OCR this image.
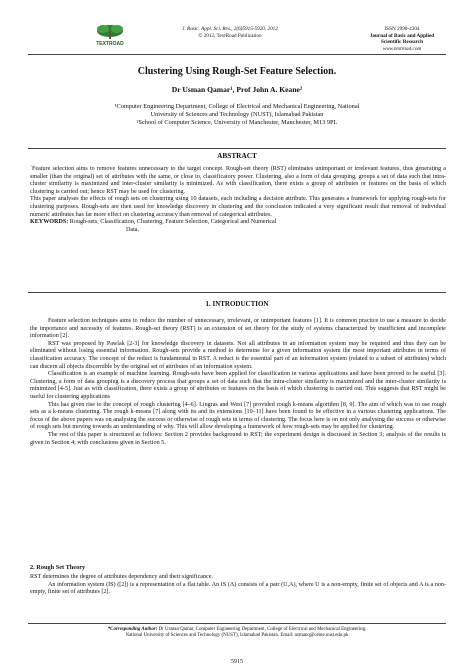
TEXTROAD
J. Basic. Appl. Sci. Res., 2(6)5915-5920, 2012
© 2012, TextRoad Publication
ISSN 2090-4304
Journal of Basic and Applied
Scientific Research
www.textroad.com
Clustering Using Rough-Set Feature Selection.
Dr Usman Qamar¹, Prof John A. Keane²
¹Computer Engineering Department, College of Electrical and Mechanical Engineering, National
University of Sciences and Technology (NUST), Islamabad Pakistan
²School of Computer Science, University of Manchester, Manchester, M13 9PL
ABSTRACT

`Feature selection aims to remove features unnecessary to the target concept. Rough-set theory (RST) eliminates unimportant or irrelevant features, thus generating a smaller (than the original) set of attributes with the same, or close to, classificatory power. Clustering, also a form of data grouping, groups a set of data such that intra-cluster similarity is maximized and inter-cluster similarity is minimized. As with classification, there exists a group of attributes or features on the basis of which clustering is carried out; hence RST may be used for clustering.

This paper analyses the effects of rough sets on clustering using 10 datasets, each including a decision attribute. This generates a framework for applying rough-sets for clustering purposes. Rough-sets are then used for knowledge discovery in clustering and the conclusion indicated a very significant result that removal of individual numeric attributes has far more effect on clustering accuracy than removal of categorical attributes.

KEYWORDS: Rough-sets, Classification, Clustering, Feature Selection, Categorical and Numerical
Data.

1. INTRODUCTION

Feature selection techniques aims to reduce the number of unnecessary, irrelevant, or unimportant features [1]. It is common practice to use a measure to decide the importance and necessity of features. Rough-set theory (RST) is an extension of set theory for the study of systems characterized by insufficient and incomplete information [2].

RST was proposed by Pawlak [2-3] for knowledge discovery in datasets. Not all attributes in an information system may be required and thus they can be eliminated without losing essential information. Rough-sets provide a method to determine for a given information system the most important attributes in terms of classification accuracy. The concept of the reduct is fundamental in RST. A reduct is the essential part of an information system (related to a subset of attributes) which can discern all objects discernible by the original set of attributes of an information system.

Classification is an example of machine learning. Rough-sets have been applied for classification in various applications and have been proved to be useful [3]. Clustering, a form of data grouping is a discovery process that groups a set of data such that the intra-cluster similarity is maximized and the inter-cluster similarity is minimized [4-5]. Just as with classification, there exists a group of attributes or features on the basis of which clustering is carried out. This suggests that RST might be useful for clustering applications

This has given rise to the concept of rough clustering [4–6]. Lingras and West [7] provided rough k-means algorithm [8, 9]. The aim of which was to use rough sets as a k-means clustering. The rough k-means [7] along with its and its extensions [10–11] have been found to be effective in a various clustering applications. The focus of the above papers was on analysing the success or otherwise of rough sets in terms of clustering. The focus here is on not only analysing the success or otherwise of rough sets but moving towards an understanding of why. This will allow developing a framework of how rough-sets may be applied for clustering.

The rest of this paper is structured as follows: Section 2 provides background to RST; the experiment design is discussed in Section 3; analysis of the results is given in Section 4; with conclusions given in Section 5.

2. Rough Set Theory

RST determines the degree of attributes dependency and their significance.

An information system (IS) ([2]) is a representation of a flat table. An IS (Λ) consists of a pair (U,A), where U is a non-empty, finite set of objects and A is a non-empty, finite set of attributes [2].

*Corresponding Author: Dr Usman Qamar, Computer Engineering Department, College of Electrical and Mechanical Engineering,
National University of Sciences and Technology (NUST), Islamabad Pakistan. Email: usmanq@ceme.nust.edu.pk
5915
